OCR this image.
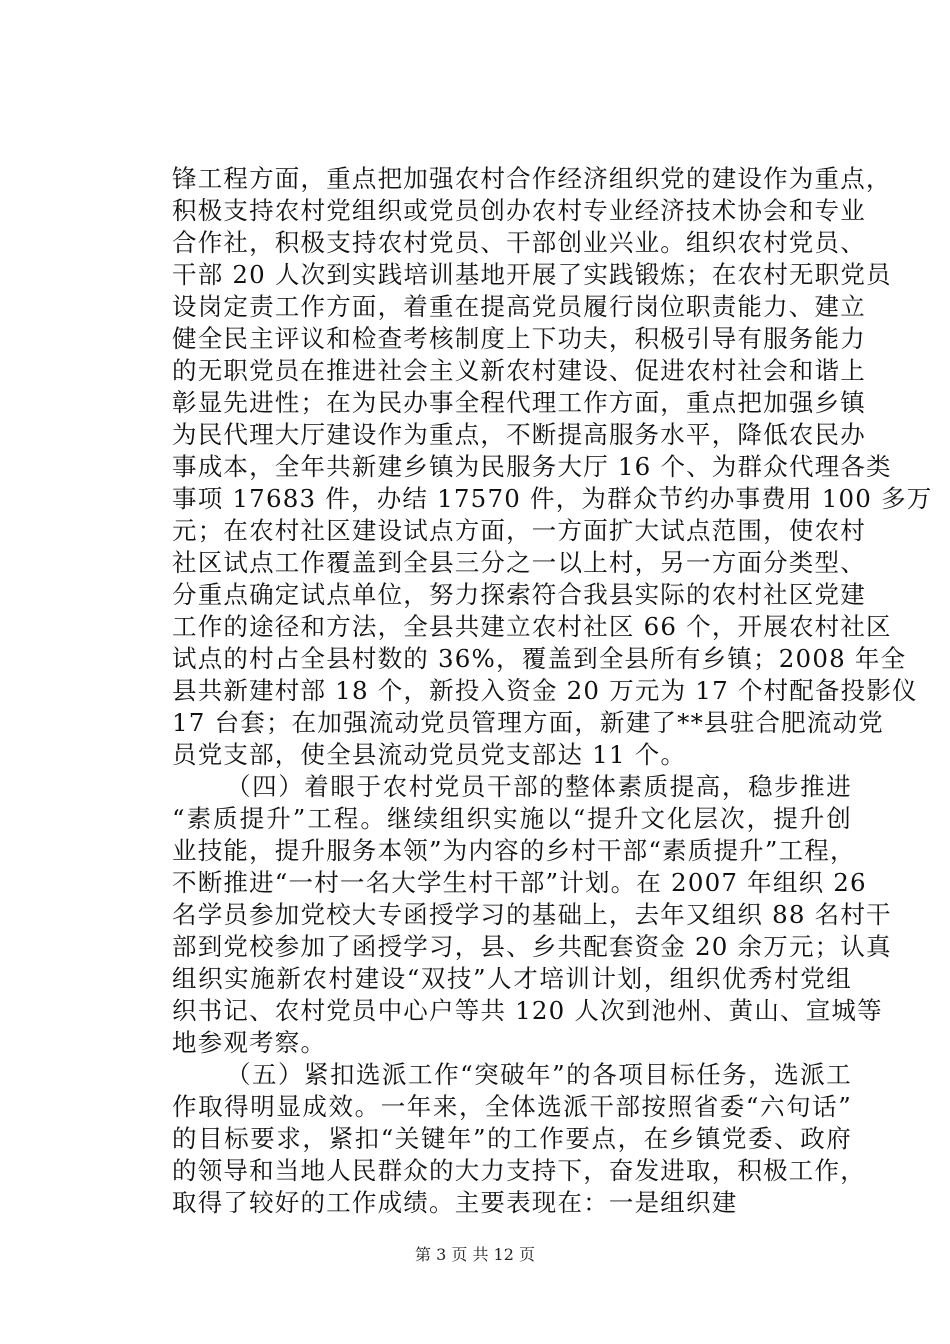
锋工程方面，重点把加强农村合作经济组织党的建设作为重点，
积极支持农村党组织或党员创办农村专业经济技术协会和专业
合作社，积极支持农村党员、干部创业兴业。组织农村党员、
干部 20 人次到实践培训基地开展了实践锻炼；在农村无职党员
设岗定责工作方面，着重在提高党员履行岗位职责能力、建立
健全民主评议和检查考核制度上下功夫，积极引导有服务能力
的无职党员在推进社会主义新农村建设、促进农村社会和谐上
彰显先进性；在为民办事全程代理工作方面，重点把加强乡镇
为民代理大厅建设作为重点，不断提高服务水平，降低农民办
事成本，全年共新建乡镇为民服务大厅 16 个、为群众代理各类
事项 17683 件，办结 17570 件，为群众节约办事费用 100 多万
元；在农村社区建设试点方面，一方面扩大试点范围，使农村
社区试点工作覆盖到全县三分之一以上村，另一方面分类型、
分重点确定试点单位，努力探索符合我县实际的农村社区党建
工作的途径和方法，全县共建立农村社区 66 个，开展农村社区
试点的村占全县村数的 36%，覆盖到全县所有乡镇；2008 年全
县共新建村部 18 个，新投入资金 20 万元为 17 个村配备投影仪
17 台套；在加强流动党员管理方面，新建了**县驻合肥流动党
员党支部，使全县流动党员党支部达 11 个。
（四）着眼于农村党员干部的整体素质提高，稳步推进
“素质提升”工程。继续组织实施以“提升文化层次，提升创
业技能，提升服务本领”为内容的乡村干部“素质提升”工程，
不断推进“一村一名大学生村干部”计划。在 2007 年组织 26
名学员参加党校大专函授学习的基础上，去年又组织 88 名村干
部到党校参加了函授学习，县、乡共配套资金 20 余万元；认真
组织实施新农村建设“双技”人才培训计划，组织优秀村党组
织书记、农村党员中心户等共 120 人次到池州、黄山、宣城等
地参观考察。
（五）紧扣选派工作“突破年”的各项目标任务，选派工
作取得明显成效。一年来，全体选派干部按照省委“六句话”
的目标要求，紧扣“关键年”的工作要点，在乡镇党委、政府
的领导和当地人民群众的大力支持下，奋发进取，积极工作，
取得了较好的工作成绩。主要表现在：一是组织建
第 3 页 共 12 页
